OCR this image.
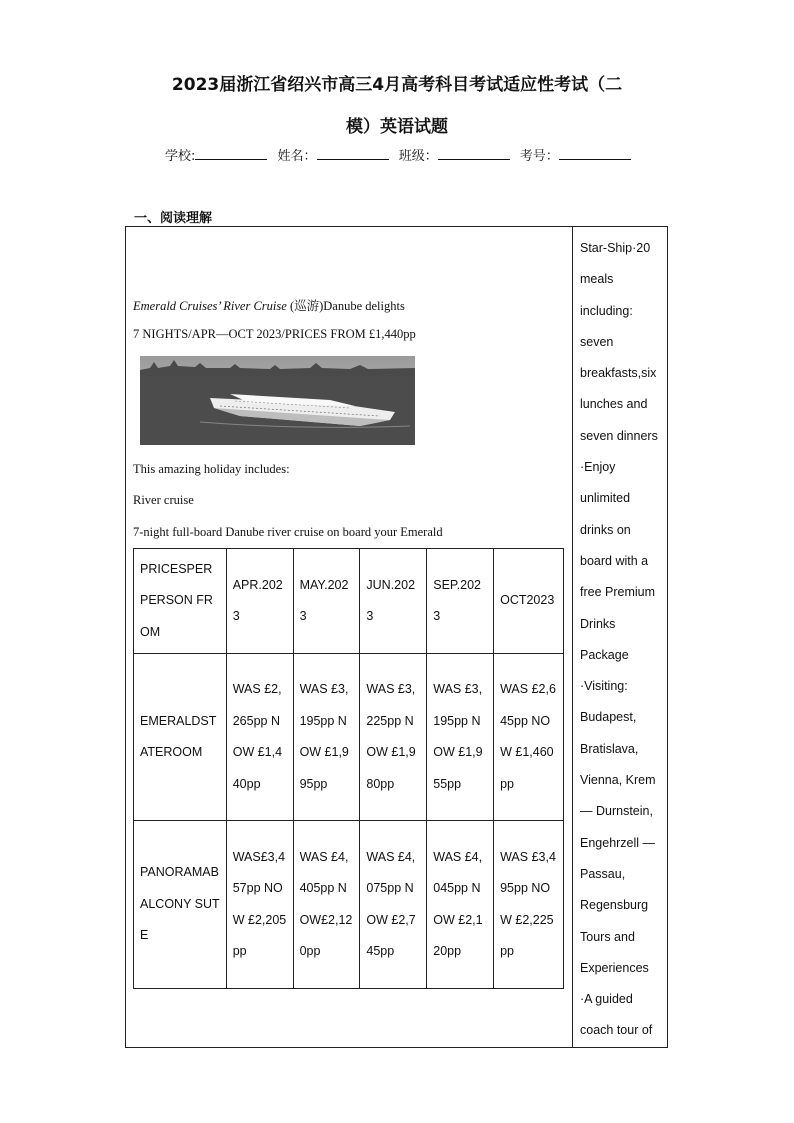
2023届浙江省绍兴市高三4月高考科目考试适应性考试（二
模）英语试题
学校:	姓名：	班级：	考号：
一、阅读理解
Emerald Cruises’ River Cruise (巡游)Danube delights
7 NIGHTS/APR—OCT 2023/PRICES FROM £1,440pp
This amazing holiday includes:
River cruise
7-night full-board Danube river cruise on board your Emerald
PRICESPER PERSON FROM	APR.2023	MAY.2023	JUN.2023	SEP.2023	OCT2023

EMERALDSTATEROOM	WAS £2,265pp NOW £1,440pp	WAS £3,195pp NOW £1,995pp	WAS £3,225pp NOW £1,980pp	WAS £3,195pp NOW £1,955pp	WAS £2,645pp NOW £1,460pp

PANORAMABALCONY SUTE	WAS£3,457pp NOW £2,205pp	WAS £4,405pp NOW£2,120pp	WAS £4,075pp NOW £2,745pp	WAS £4,045pp NOW £2,120pp	WAS £3,495pp NOW £2,225pp
Star-Ship·20 meals including: seven breakfasts,six lunches and seven dinners
·Enjoy unlimited drinks on board with a free Premium Drinks Package
·Visiting: Budapest, Bratislava, Vienna, Krem — Durnstein, Engehrzell — Passau, Regensburg Tours and Experiences
·A guided coach tour of
